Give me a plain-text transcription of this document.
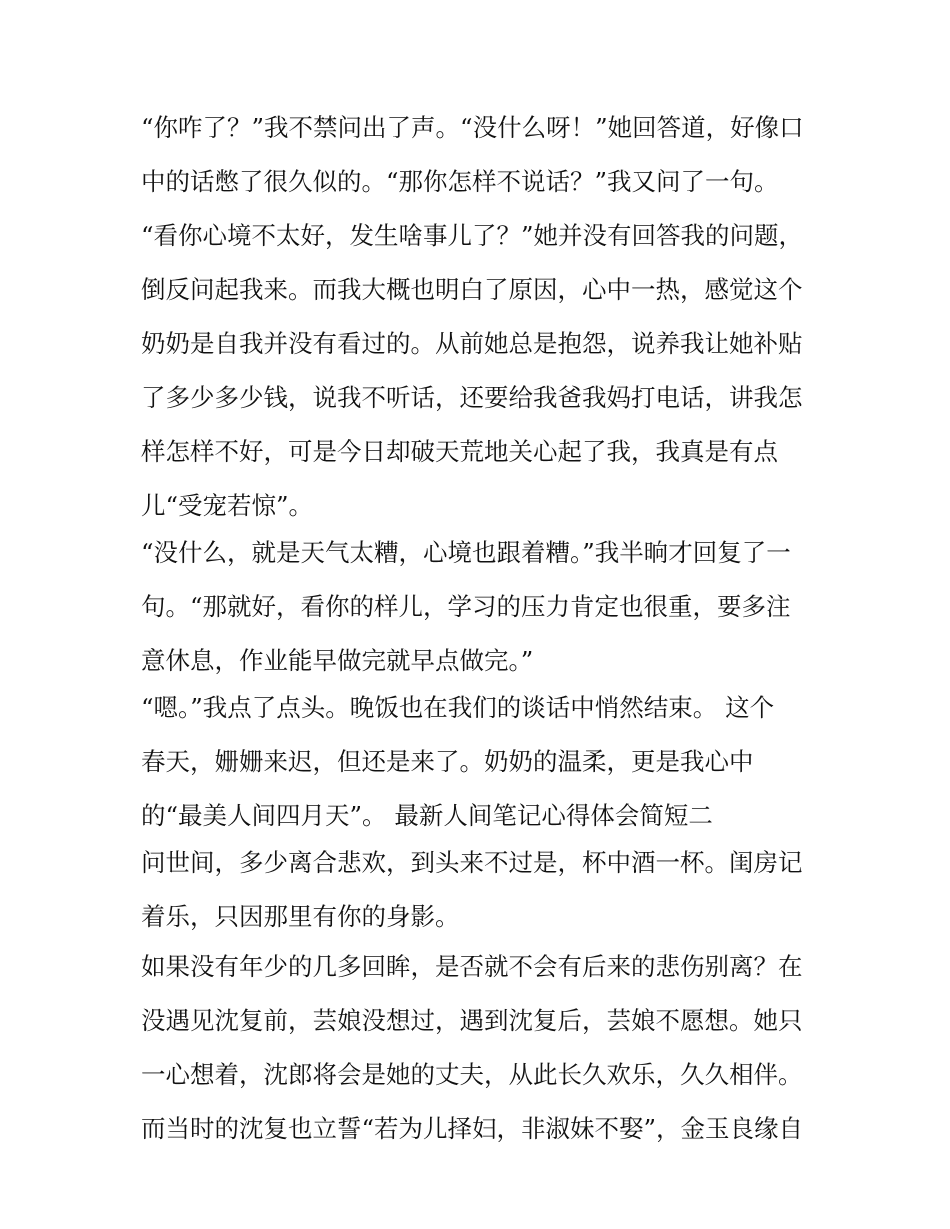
“你咋了？”我不禁问出了声。“没什么呀！”她回答道，好像口
中的话憋了很久似的。“那你怎样不说话？”我又问了一句。
“看你心境不太好，发生啥事儿了？”她并没有回答我的问题，
倒反问起我来。而我大概也明白了原因，心中一热，感觉这个
奶奶是自我并没有看过的。从前她总是抱怨，说养我让她补贴
了多少多少钱，说我不听话，还要给我爸我妈打电话，讲我怎
样怎样不好，可是今日却破天荒地关心起了我，我真是有点
儿“受宠若惊”。
“没什么，就是天气太糟，心境也跟着糟。”我半晌才回复了一
句。“那就好，看你的样儿，学习的压力肯定也很重，要多注
意休息，作业能早做完就早点做完。”
“嗯。”我点了点头。晚饭也在我们的谈话中悄然结束。 这个
春天，姗姗来迟，但还是来了。奶奶的温柔，更是我心中
的“最美人间四月天”。 最新人间笔记心得体会简短二
问世间，多少离合悲欢，到头来不过是，杯中酒一杯。闺房记
着乐，只因那里有你的身影。
如果没有年少的几多回眸，是否就不会有后来的悲伤别离？在
没遇见沈复前，芸娘没想过，遇到沈复后，芸娘不愿想。她只
一心想着，沈郎将会是她的丈夫，从此长久欢乐，久久相伴。
而当时的沈复也立誓“若为儿择妇，非淑妹不娶”，金玉良缘自
